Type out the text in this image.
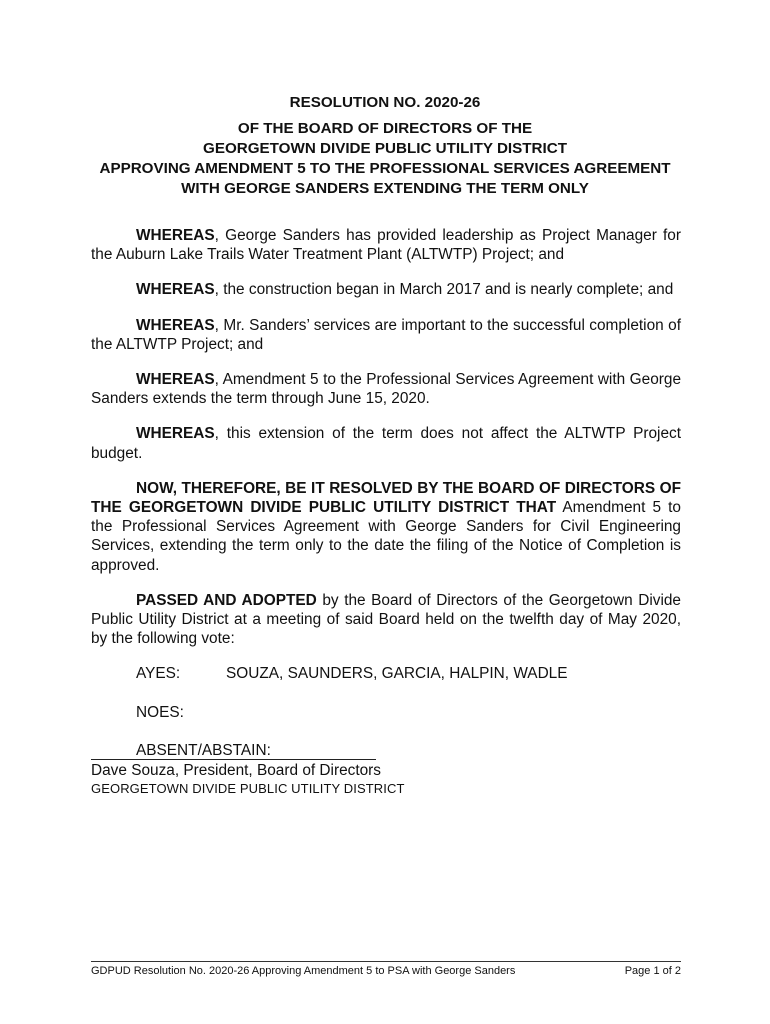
RESOLUTION NO. 2020-26
OF THE BOARD OF DIRECTORS OF THE
GEORGETOWN DIVIDE PUBLIC UTILITY DISTRICT
APPROVING AMENDMENT 5 TO THE PROFESSIONAL SERVICES AGREEMENT
WITH GEORGE SANDERS EXTENDING THE TERM ONLY

WHEREAS, George Sanders has provided leadership as Project Manager for the Auburn Lake Trails Water Treatment Plant (ALTWTP) Project; and

WHEREAS, the construction began in March 2017 and is nearly complete; and

WHEREAS, Mr. Sanders’ services are important to the successful completion of the ALTWTP Project; and

WHEREAS, Amendment 5 to the Professional Services Agreement with George Sanders extends the term through June 15, 2020.

WHEREAS, this extension of the term does not affect the ALTWTP Project budget.

NOW, THEREFORE, BE IT RESOLVED BY THE BOARD OF DIRECTORS OF THE GEORGETOWN DIVIDE PUBLIC UTILITY DISTRICT THAT Amendment 5 to the Professional Services Agreement with George Sanders for Civil Engineering Services, extending the term only to the date the filing of the Notice of Completion is approved.

PASSED AND ADOPTED by the Board of Directors of the Georgetown Divide Public Utility District at a meeting of said Board held on the twelfth day of May 2020, by the following vote:

AYES:	SOUZA, SAUNDERS, GARCIA, HALPIN, WADLE
NOES:
ABSENT/ABSTAIN:
Dave Souza, President, Board of Directors
GEORGETOWN DIVIDE PUBLIC UTILITY DISTRICT
GDPUD Resolution No. 2020-26 Approving Amendment 5 to PSA with George Sanders	Page 1 of 2
